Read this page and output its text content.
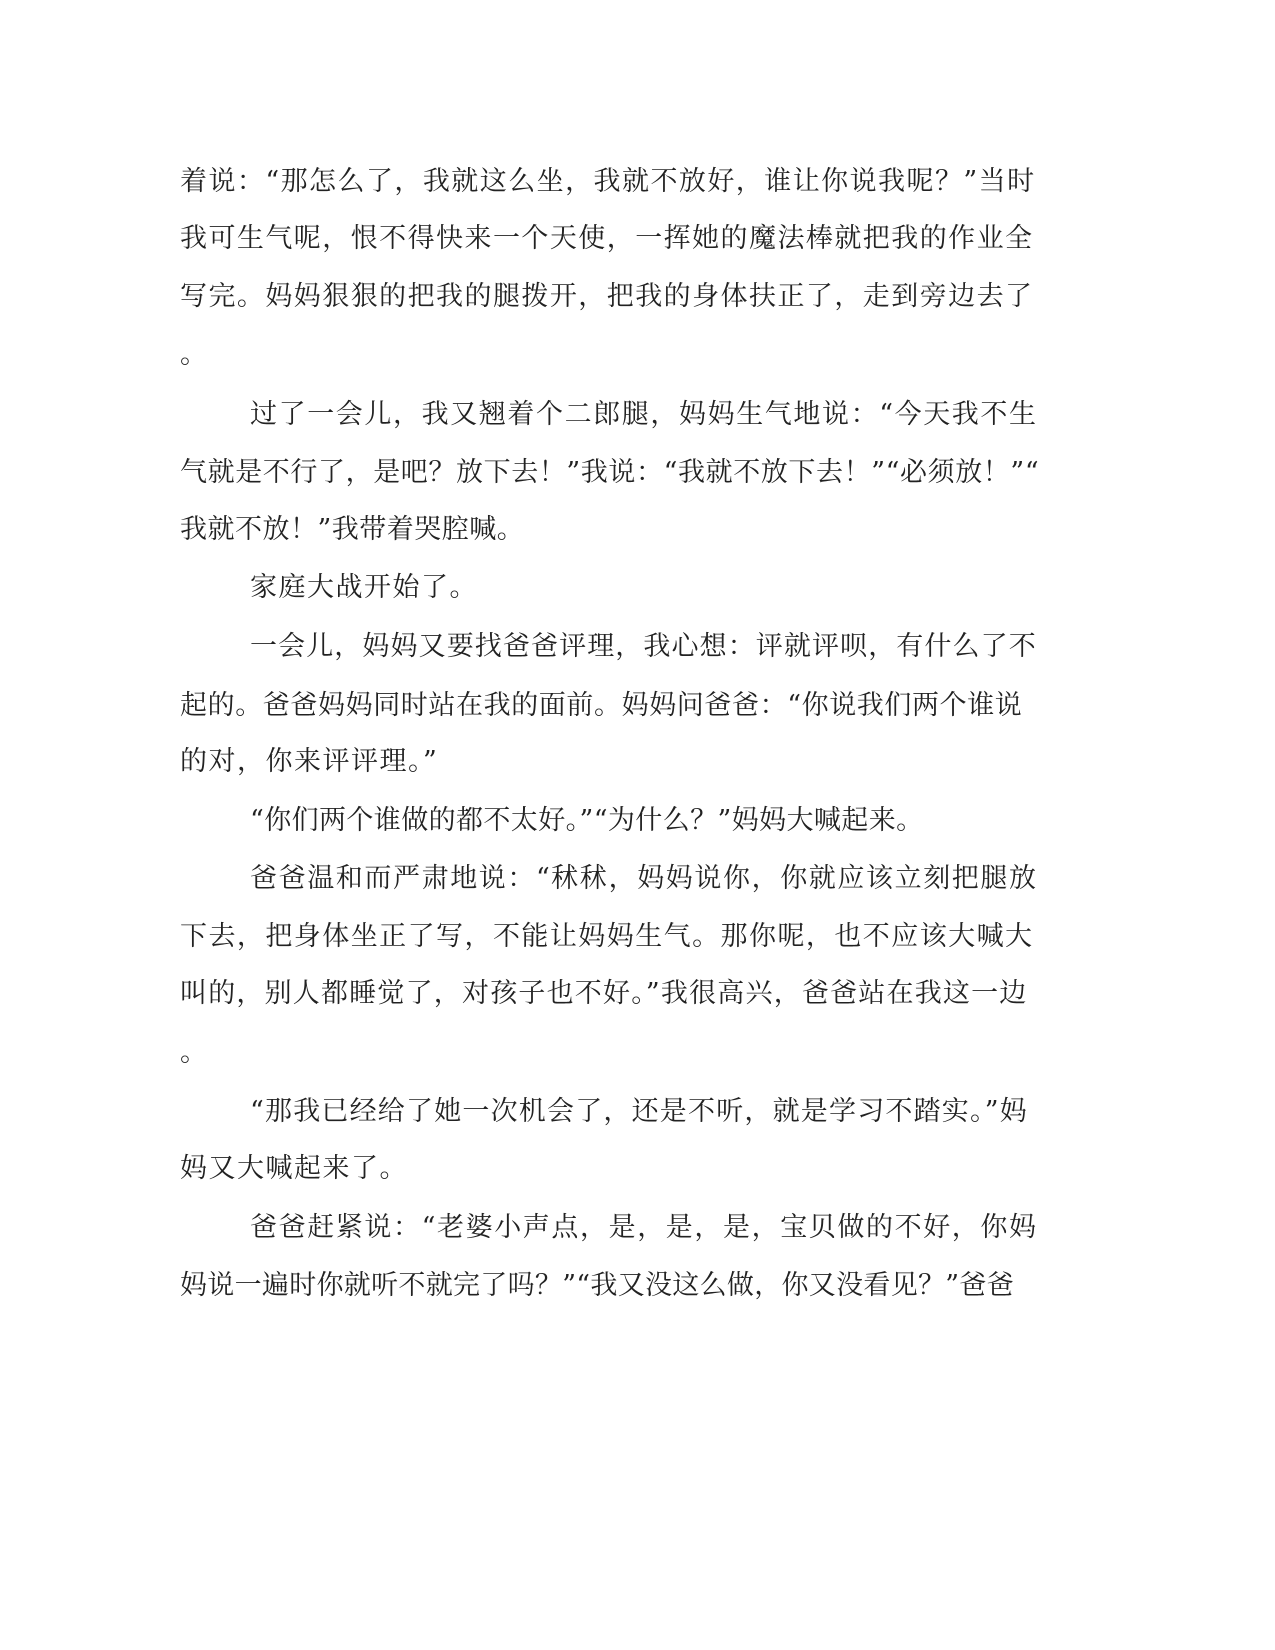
着说：“那怎么了，我就这么坐，我就不放好，谁让你说我呢？”当时
我可生气呢，恨不得快来一个天使，一挥她的魔法棒就把我的作业全
写完。妈妈狠狠的把我的腿拨开，把我的身体扶正了，走到旁边去了
。
过了一会儿，我又翘着个二郎腿，妈妈生气地说：“今天我不生
气就是不行了，是吧？放下去！”我说：“我就不放下去！”“必须放！”“
我就不放！”我带着哭腔喊。
家庭大战开始了。
一会儿，妈妈又要找爸爸评理，我心想：评就评呗，有什么了不
起的。爸爸妈妈同时站在我的面前。妈妈问爸爸：“你说我们两个谁说
的对，你来评评理。”
“你们两个谁做的都不太好。”“为什么？”妈妈大喊起来。
爸爸温和而严肃地说：“秫秫，妈妈说你，你就应该立刻把腿放
下去，把身体坐正了写，不能让妈妈生气。那你呢，也不应该大喊大
叫的，别人都睡觉了，对孩子也不好。”我很高兴，爸爸站在我这一边
。
“那我已经给了她一次机会了，还是不听，就是学习不踏实。”妈
妈又大喊起来了。
爸爸赶紧说：“老婆小声点，是，是，是，宝贝做的不好，你妈
妈说一遍时你就听不就完了吗？”“我又没这么做，你又没看见？”爸爸
